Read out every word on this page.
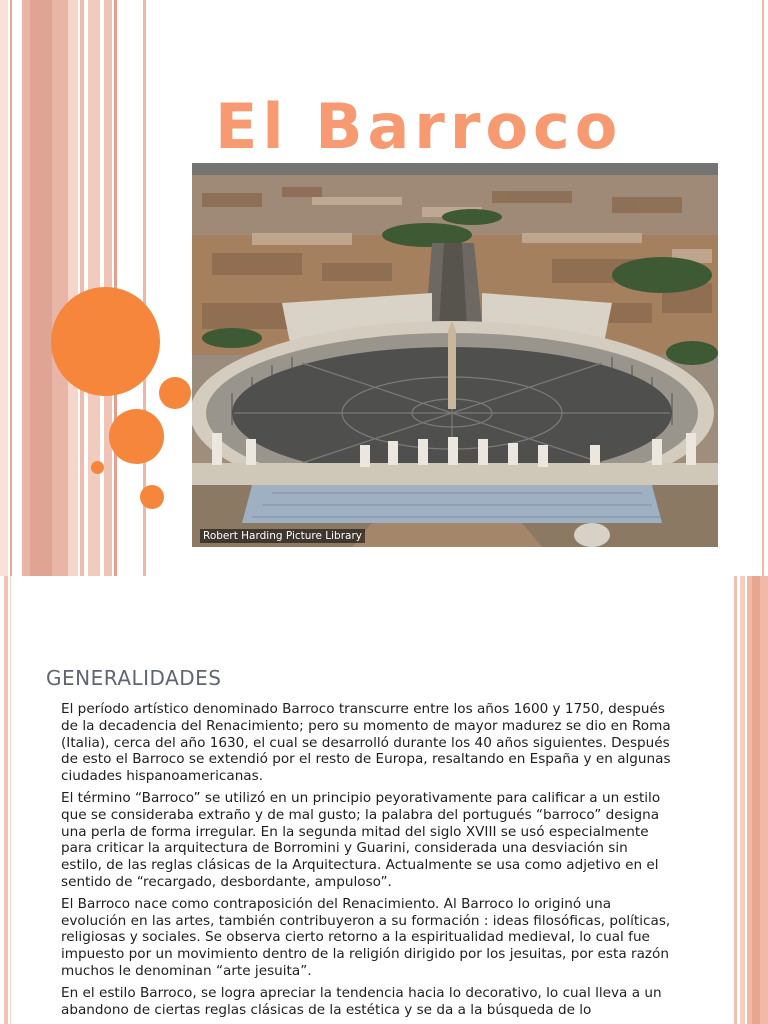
El Barroco
Robert Harding Picture Library
GENERALIDADES

El período artístico denominado Barroco transcurre entre los años 1600 y 1750, después de la decadencia del Renacimiento; pero su momento de mayor madurez se dio en Roma (Italia), cerca del año 1630, el cual se desarrolló durante los 40 años siguientes. Después de esto el Barroco se extendió por el resto de Europa, resaltando en España y en algunas ciudades hispanoamericanas.

El término “Barroco” se utilizó en un principio peyorativamente para calificar a un estilo que se consideraba extraño y de mal gusto; la palabra del portugués “barroco” designa una perla de forma irregular. En la segunda mitad del siglo XVIII se usó especialmente para criticar la arquitectura de Borromini y Guarini, considerada una desviación sin estilo, de las reglas clásicas de la Arquitectura. Actualmente se usa como adjetivo en el sentido de “recargado, desbordante, ampuloso”.

El Barroco nace como contraposición del Renacimiento. Al Barroco lo originó una evolución en las artes, también contribuyeron a su formación : ideas filosóficas, políticas, religiosas y sociales. Se observa cierto retorno a la espiritualidad medieval, lo cual fue impuesto por un movimiento dentro de la religión dirigido por los jesuitas, por esta razón muchos le denominan “arte jesuita”.

En el estilo Barroco, se logra apreciar la tendencia hacia lo decorativo, lo cual lleva a un abandono de ciertas reglas clásicas de la estética y se da a la búsqueda de lo
